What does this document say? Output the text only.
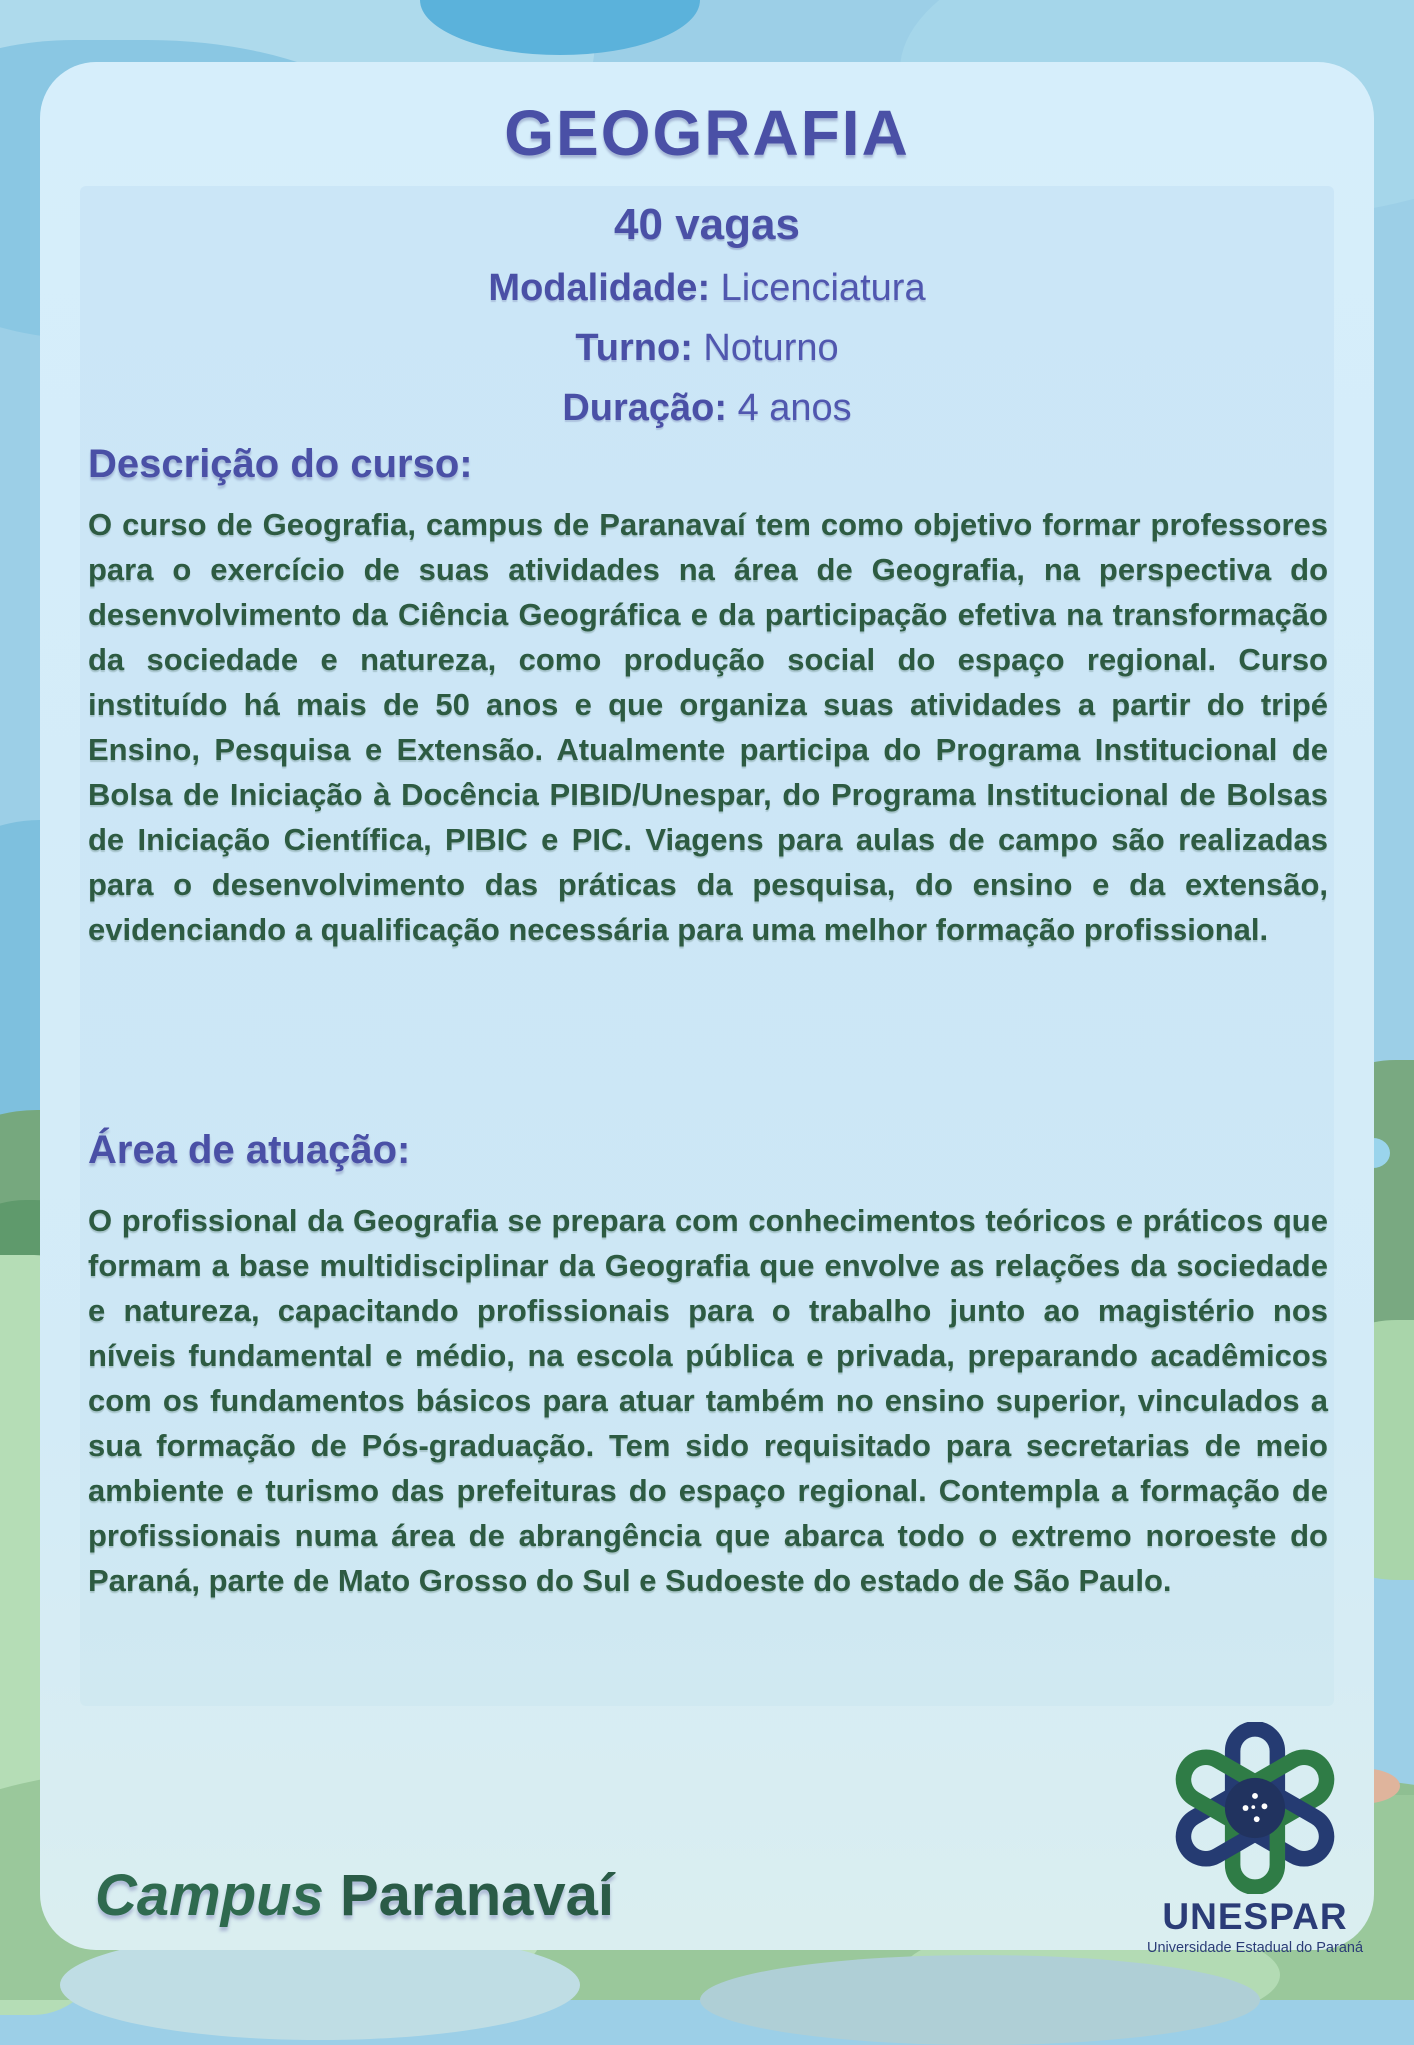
GEOGRAFIA
40 vagas
Modalidade: Licenciatura
Turno: Noturno
Duração: 4 anos
Descrição do curso:
O curso de Geografia, campus de Paranavaí tem como objetivo formar professores para o exercício de suas atividades na área de Geografia, na perspectiva do desenvolvimento da Ciência Geográfica e da participação efetiva na transformação da sociedade e natureza, como produção social do espaço regional. Curso instituído há mais de 50 anos e que organiza suas atividades a partir do tripé Ensino, Pesquisa e Extensão. Atualmente participa do Programa Institucional de Bolsa de Iniciação à Docência PIBID/Unespar, do Programa Institucional de Bolsas de Iniciação Científica, PIBIC e PIC. Viagens para aulas de campo são realizadas para o desenvolvimento das práticas da pesquisa, do ensino e da extensão, evidenciando a qualificação necessária para uma melhor formação profissional.
Área de atuação:
O profissional da Geografia se prepara com conhecimentos teóricos e práticos que formam a base multidisciplinar da Geografia que envolve as relações da sociedade e natureza, capacitando profissionais para o trabalho junto ao magistério nos níveis fundamental e médio, na escola pública e privada, preparando acadêmicos com os fundamentos básicos para atuar também no ensino superior, vinculados a sua formação de Pós-graduação. Tem sido requisitado para secretarias de meio ambiente e turismo das prefeituras do espaço regional. Contempla a formação de profissionais numa área de abrangência que abarca todo o extremo noroeste do Paraná, parte de Mato Grosso do Sul e Sudoeste do estado de São Paulo.
Campus Paranavaí	UNESPAR
Universidade Estadual do Paraná
